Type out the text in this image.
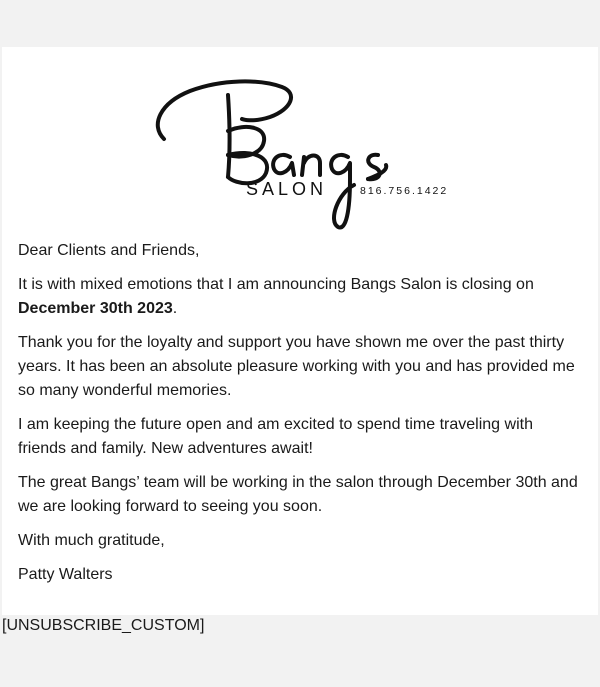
SALON	816.756.1422

Dear Clients and Friends,

It is with mixed emotions that I am announcing Bangs Salon is closing on December 30th 2023.

Thank you for the loyalty and support you have shown me over the past thirty years. It has been an absolute pleasure working with you and has provided me so many wonderful memories.

I am keeping the future open and am excited to spend time traveling with friends and family. New adventures await!

The great Bangs’ team will be working in the salon through December 30th and we are looking forward to seeing you soon.

With much gratitude,

Patty Walters

[UNSUBSCRIBE_CUSTOM]
